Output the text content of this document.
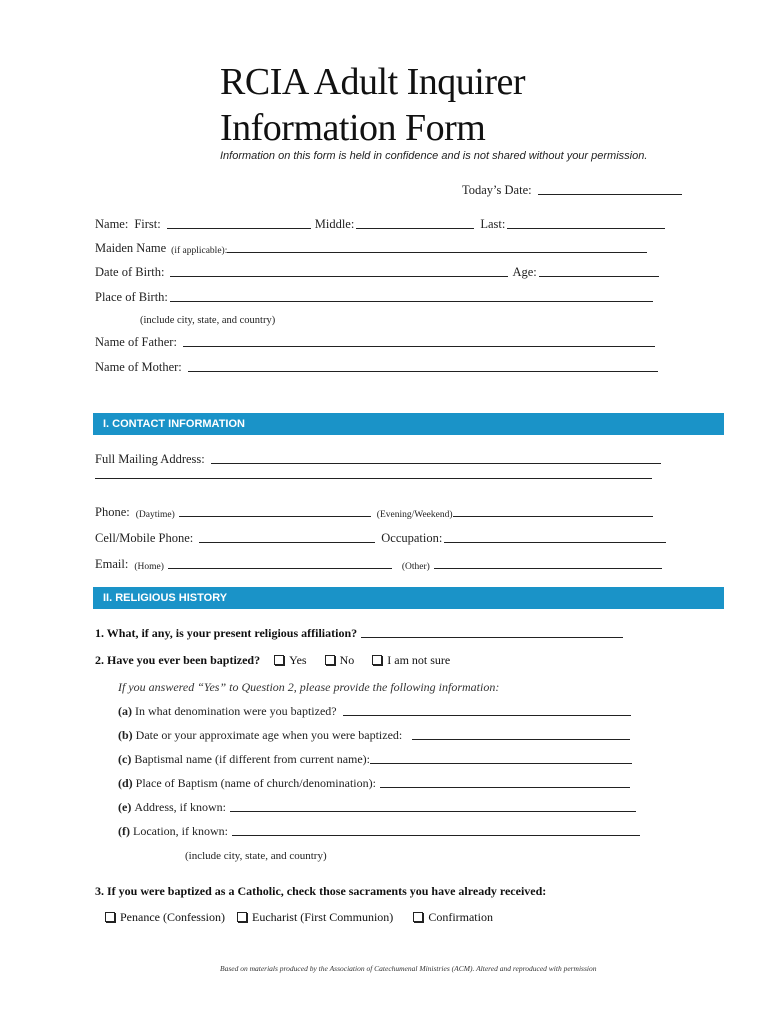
RCIA Adult Inquirer
Information Form
Information on this form is held in confidence and is not shared without your permission.
Today’s Date:
Name: First:	Middle:	Last:
Maiden Name (if applicable):
Date of Birth:	Age:
Place of Birth:
(include city, state, and country)
Name of Father:
Name of Mother:
I. CONTACT INFORMATION
Full Mailing Address:
Phone: (Daytime)	(Evening/Weekend)
Cell/Mobile Phone:	Occupation:
Email: (Home)	(Other)
II. RELIGIOUS HISTORY
1. What, if any, is your present religious affiliation?
2. Have you ever been baptized? Yes	No	I am not sure
If you answered “Yes” to Question 2, please provide the following information:
(a) In what denomination were you baptized?
(b) Date or your approximate age when you were baptized:
(c) Baptismal name (if different from current name):
(d) Place of Baptism (name of church/denomination):
(e) Address, if known:
(f) Location, if known:
(include city, state, and country)
3. If you were baptized as a Catholic, check those sacraments you have already received:
Penance (Confession) Eucharist (First Communion)	Confirmation
Based on materials produced by the Association of Catechumenal Ministries (ACM). Altered and reproduced with permission
